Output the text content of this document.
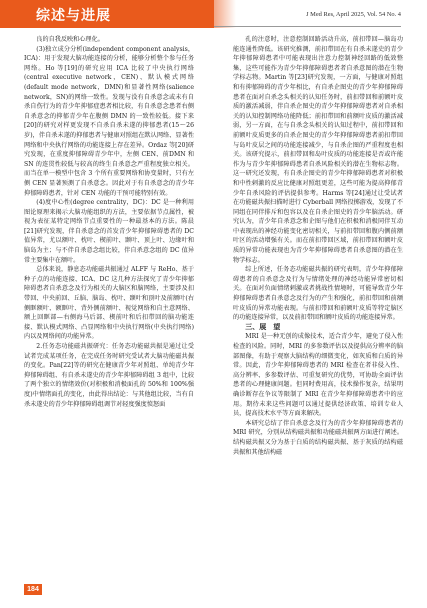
综述与进展	J Med Res, April 2025, Vol. 54 No. 4

良的自我反映和心理化。

(3)独立成分分析(independent component analysis，ICA)：用于发现大脑功能连接的分析，能够分析整个参与任务网络。Ho 等[19]的研究应用 ICA 比较了中央执行网络(central executive network，CEN)、默认模式网络(default mode network，DMN)和显著性网络(salience network，SN)的网络一致性。发现与没有自杀意念或未有自杀自伤行为的青少年抑郁症患者相比较，有自杀意念患者右侧自杀意念的抑郁青少年在腹侧 DMN 的一致性较低。接下来[20]的研究对样更发现不自杀自杀未遂的抑郁患者(15～26 岁)，伴自杀未遂的抑郁患者与健康对照组在默认网络、显著性网络和中央执行网络的功能连接上存在差异。Ordaz 等[20]研究发现，在重度抑郁障碍青少年中，左侧 CEN、前DMN 和 SN 的连贯性较低与较高的终生自杀意念严重程度独立相关。而当在单一模型中包含 3 个所有重要网络和协变量时，只有左侧 CEN 显著预测了自杀意念。因此对于有自杀意念的青少年抑郁障碍患者，针对 CEN 功能的干预可能特别有效。

(4)度中心性(degree centrality，DC)：DC 是一种利用图论原理来揭示大脑功能组织的方法，主要依据节点属性，被视为表征某特定网络节点重要性的一种最基本的方法。陈晨[21]研究发现，伴自杀意念的首发青少年抑郁障碍患者的 DC 值异常，尤以额叶、枕叶、楔前叶、颞叶、顶上叶、边缘叶和脑岛为主；与不伴自杀意念组比较，伴自杀意念组的 DC 值异常主要集中在额叶。

总体来说，静息态功能磁共振通过 ALFF 与 ReHo、基于种子点的功能连接、ICA、DC 这几种方法探究了青少年抑郁障碍患者自杀意念及行为相关的大脑区和脑网络，主要涉及扣带回、中央前回、丘脑、脑岛、枕叶、颞叶和顶叶及前额叶(右侧眶额叶、额眶叶、背外侧前额叶、视觉网络和自主意网络、额上回眶部—右侧海马后部、楔前叶和后扣带回的脑功能连接、默认模式网络、凸显网络和中央执行网络(中央执行网络)内以及网络间的功能异常。

2.任务态功能磁共振研究：任务态功能磁共振是通过让受试者完成某项任务，在完成任务时研究受试者大脑功能磁共振的变化。Pan[22]等的研究在健康青少年对照组、单纯青少年抑郁障碍组、有自杀未遂史的青少年抑郁障碍组 3 组中，比较了两个独立的情绪效价(对积极和消极面孔的 50%和 100%强度)中情绪面孔的变化，由此得出结论：与其他组比较，当有自杀未遂史的青少年抑郁障碍组调节对轻度强度愤怒面

孔的注意时，注意控制回路活动升高，前扣带回—脑岛功能连通性降低。该研究推测，前扣带回在有自杀未遂史的青少年抑郁障碍患者中可能表现出注意力控制神经回路的低效整集，这些可能作为青少年抑郁障碍患者者自杀意图的潜在生物学标志物。Martin 等[23]研究发现，一方面，与健康对照组和有抑郁障碍的青少年相比，有自杀企图史的青少年抑郁障碍患者在面对自杀念头相关的认知任务时，前扣带回和前额叶皮质的激活减弱，伴自杀企图史的青少年抑郁障碍患者对自杀相关的认知控制网络功能降低；前扣带回和前额叶皮质的激活减弱，另一方面，在与自杀念头相关的认知过程中，前扣带回和前额叶皮质更多的自杀企图史的青少年抑郁障碍患者前扣带回与岛叶皮层之间的功能连接减少，与自杀企图的严重程度也相关。该研究提示，前扣带回和岛叶皮质的功能连接是否或许能作为与青少年抑郁障碍患者自杀风险相关的潜在生物标志物。这一研究还发现，有自杀企图史的青少年抑郁障碍患者对积极和中性刺激的反应比健康对照组更差，这些可能为提高抑郁青少年自杀风险的评估提供参考。Harms 等[24]通过让受试者在功能磁共振扫描时进行 Cyberball 网络投掷游戏，发现了不同组在同伴排斥和包容以及在自杀企图史的青少年脑活动。研究认为，青少年自杀意念和企图与他们在积极和消极同伴互动中表现出的神经功能变化密切相关，与前扣带回和腹内侧前额叶区的活动增强有关。而在前扣带回区域，前扣带回和额叶皮质的异常功能表现也为青少年抑郁障碍患者自杀意图的潜在生物学标志。

综上所述，任务态功能磁共振的研究表明，青少年抑郁障碍患者的自杀意念及行为与情绪处理的神经功能异常密切相关。在面对负面情绪刺激或者挑战性情境时，可能导致青少年抑郁障碍患者自杀意念及行为的产生和强化，前扣带回和前额叶皮质的异常功能表现。与前扣带回和前额叶皮质等特定脑区的功能连接异常，以及前扣带回和额叶皮质的功能连接异常。

三、展　望

MRI 是一种无创的成像技术，适合青少年，避免了侵入性检查的风险。同时，MRI 的多参数评估以及提供高分辨率的脑部图像，有助于观察大脑结构的细微变化，如灰质和白质的异常。因此，青少年抑郁障碍患者的 MRI 检查在者非侵入性、高分辨率、多参数评估、可重复研究的优势，可协助全面评估患者的心理健康问题。但同时费用高，技术操作复杂，结果明确诊断存在争议等限制了 MRI 在青少年抑郁障碍患者中的应用。期待未来这些问题可以通过提供经济政策、培训专业人员，提高技术水平等方面来解决。

本研究总结了伴自杀意念及行为的青少年抑郁障碍患者的 MRI 研究，分别从结构磁共振和功能磁共振两方面进行阐述。结构磁共振又分为基于白质的结构磁共振、基于灰质的结构磁共振和其他结构磁

184
